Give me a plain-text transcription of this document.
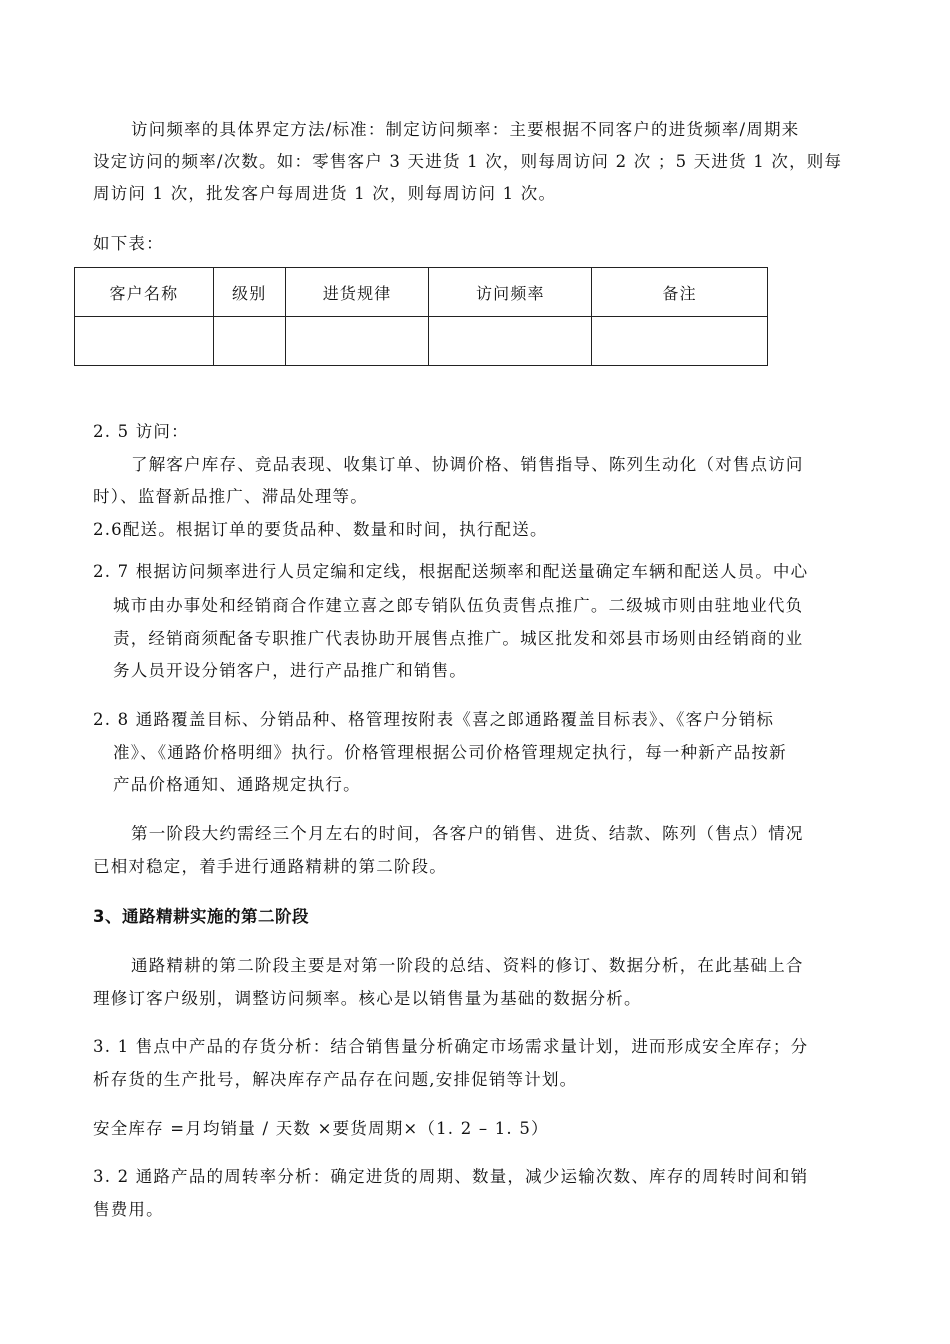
访问频率的具体界定方法/标准：制定访问频率：主要根据不同客户的进货频率/周期来
设定访问的频率/次数。如：零售客户 3 天进货 1 次，则每周访问 2 次 ；5 天进货 1 次，则每
周访问 1 次，批发客户每周进货 1 次，则每周访问 1 次。
如下表：
客户名称	级别	进货规律	访问频率	备注

2. 5 访问：
了解客户库存、竞品表现、收集订单、协调价格、销售指导、陈列生动化（对售点访问
时）、监督新品推广、滞品处理等。
2.6配送。根据订单的要货品种、数量和时间，执行配送。
2. 7 根据访问频率进行人员定编和定线，根据配送频率和配送量确定车辆和配送人员。中心
城市由办事处和经销商合作建立喜之郎专销队伍负责售点推广。二级城市则由驻地业代负
责，经销商须配备专职推广代表协助开展售点推广。城区批发和郊县市场则由经销商的业
务人员开设分销客户，进行产品推广和销售。
2. 8 通路覆盖目标、分销品种、格管理按附表《喜之郎通路覆盖目标表》、《客户分销标
准》、《通路价格明细》执行。价格管理根据公司价格管理规定执行，每一种新产品按新
产品价格通知、通路规定执行。
第一阶段大约需经三个月左右的时间，各客户的销售、进货、结款、陈列（售点）情况
已相对稳定，着手进行通路精耕的第二阶段。
3、通路精耕实施的第二阶段
通路精耕的第二阶段主要是对第一阶段的总结、资料的修订、数据分析，在此基础上合
理修订客户级别，调整访问频率。核心是以销售量为基础的数据分析。
3. 1 售点中产品的存货分析：结合销售量分析确定市场需求量计划，进而形成安全库存；分
析存货的生产批号，解决库存产品存在问题,安排促销等计划。
安全库存 =月均销量 / 天数 ×要货周期×（1. 2 – 1. 5）
3. 2 通路产品的周转率分析：确定进货的周期、数量，减少运输次数、库存的周转时间和销
售费用。
